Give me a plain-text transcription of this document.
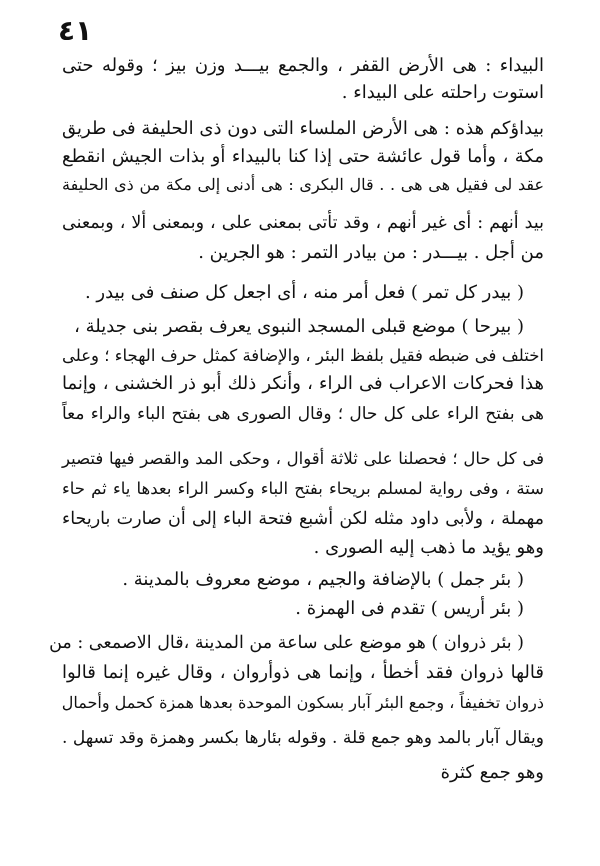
٤١
البيداء : هى الأرض القفر ، والجمع بيـــد وزن بيز ؛ وقوله حتى
استوت راحلته على البيداء .
بيداؤكم هذه : هى الأرض الملساء التى دون ذى الحليفة فى طريق
مكة ، وأما قول عائشة حتى إذا كنا بالبيداء أو بذات الجيش انقطع
عقد لى فقيل هى هى . . قال البكرى : هى أدنى إلى مكة من ذى الحليفة
بيد أنهم : أى غير أنهم ، وقد تأتى بمعنى على ، وبمعنى ألا ، وبمعنى
من أجل . بيـــدر : من بيادر التمر : هو الجرين .
( بيدر كل تمر ) فعل أمر منه ، أى اجعل كل صنف فى بيدر .
( بيرحا ) موضع قبلى المسجد النبوى يعرف بقصر بنى جديلة ،
اختلف فى ضبطه فقيل بلفظ البئر ، والإضافة كمثل حرف الهجاء ؛ وعلى
هذا فحركات الاعراب فى الراء ، وأنكر ذلك أبو ذر الخشنى ، وإنما
هى بفتح الراء على كل حال ؛ وقال الصورى هى بفتح الباء والراء معاً
فى كل حال ؛ فحصلنا على ثلاثة أقوال ، وحكى المد والقصر فيها فتصير
ستة ، وفى رواية لمسلم بريحاء بفتح الباء وكسر الراء بعدها ياء ثم حاء
مهملة ، ولأبى داود مثله لكن أشبع فتحة الباء إلى أن صارت باريحاء
وهو يؤيد ما ذهب إليه الصورى .
( بئر جمل ) بالإضافة والجيم ، موضع معروف بالمدينة .
( بئر أريس ) تقدم فى الهمزة .
( بئر ذروان ) هو موضع على ساعة من المدينة ،قال الاصمعى : من
قالها ذروان فقد أخطأ ، وإنما هى ذوأروان ، وقال غيره إنما قالوا
ذروان تخفيفاً ، وجمع البئر آبار بسكون الموحدة بعدها همزة كحمل وأحمال
ويقال آبار بالمد وهو جمع قلة . وقوله بئارها بكسر وهمزة وقد تسهل .
وهو جمع كثرة
